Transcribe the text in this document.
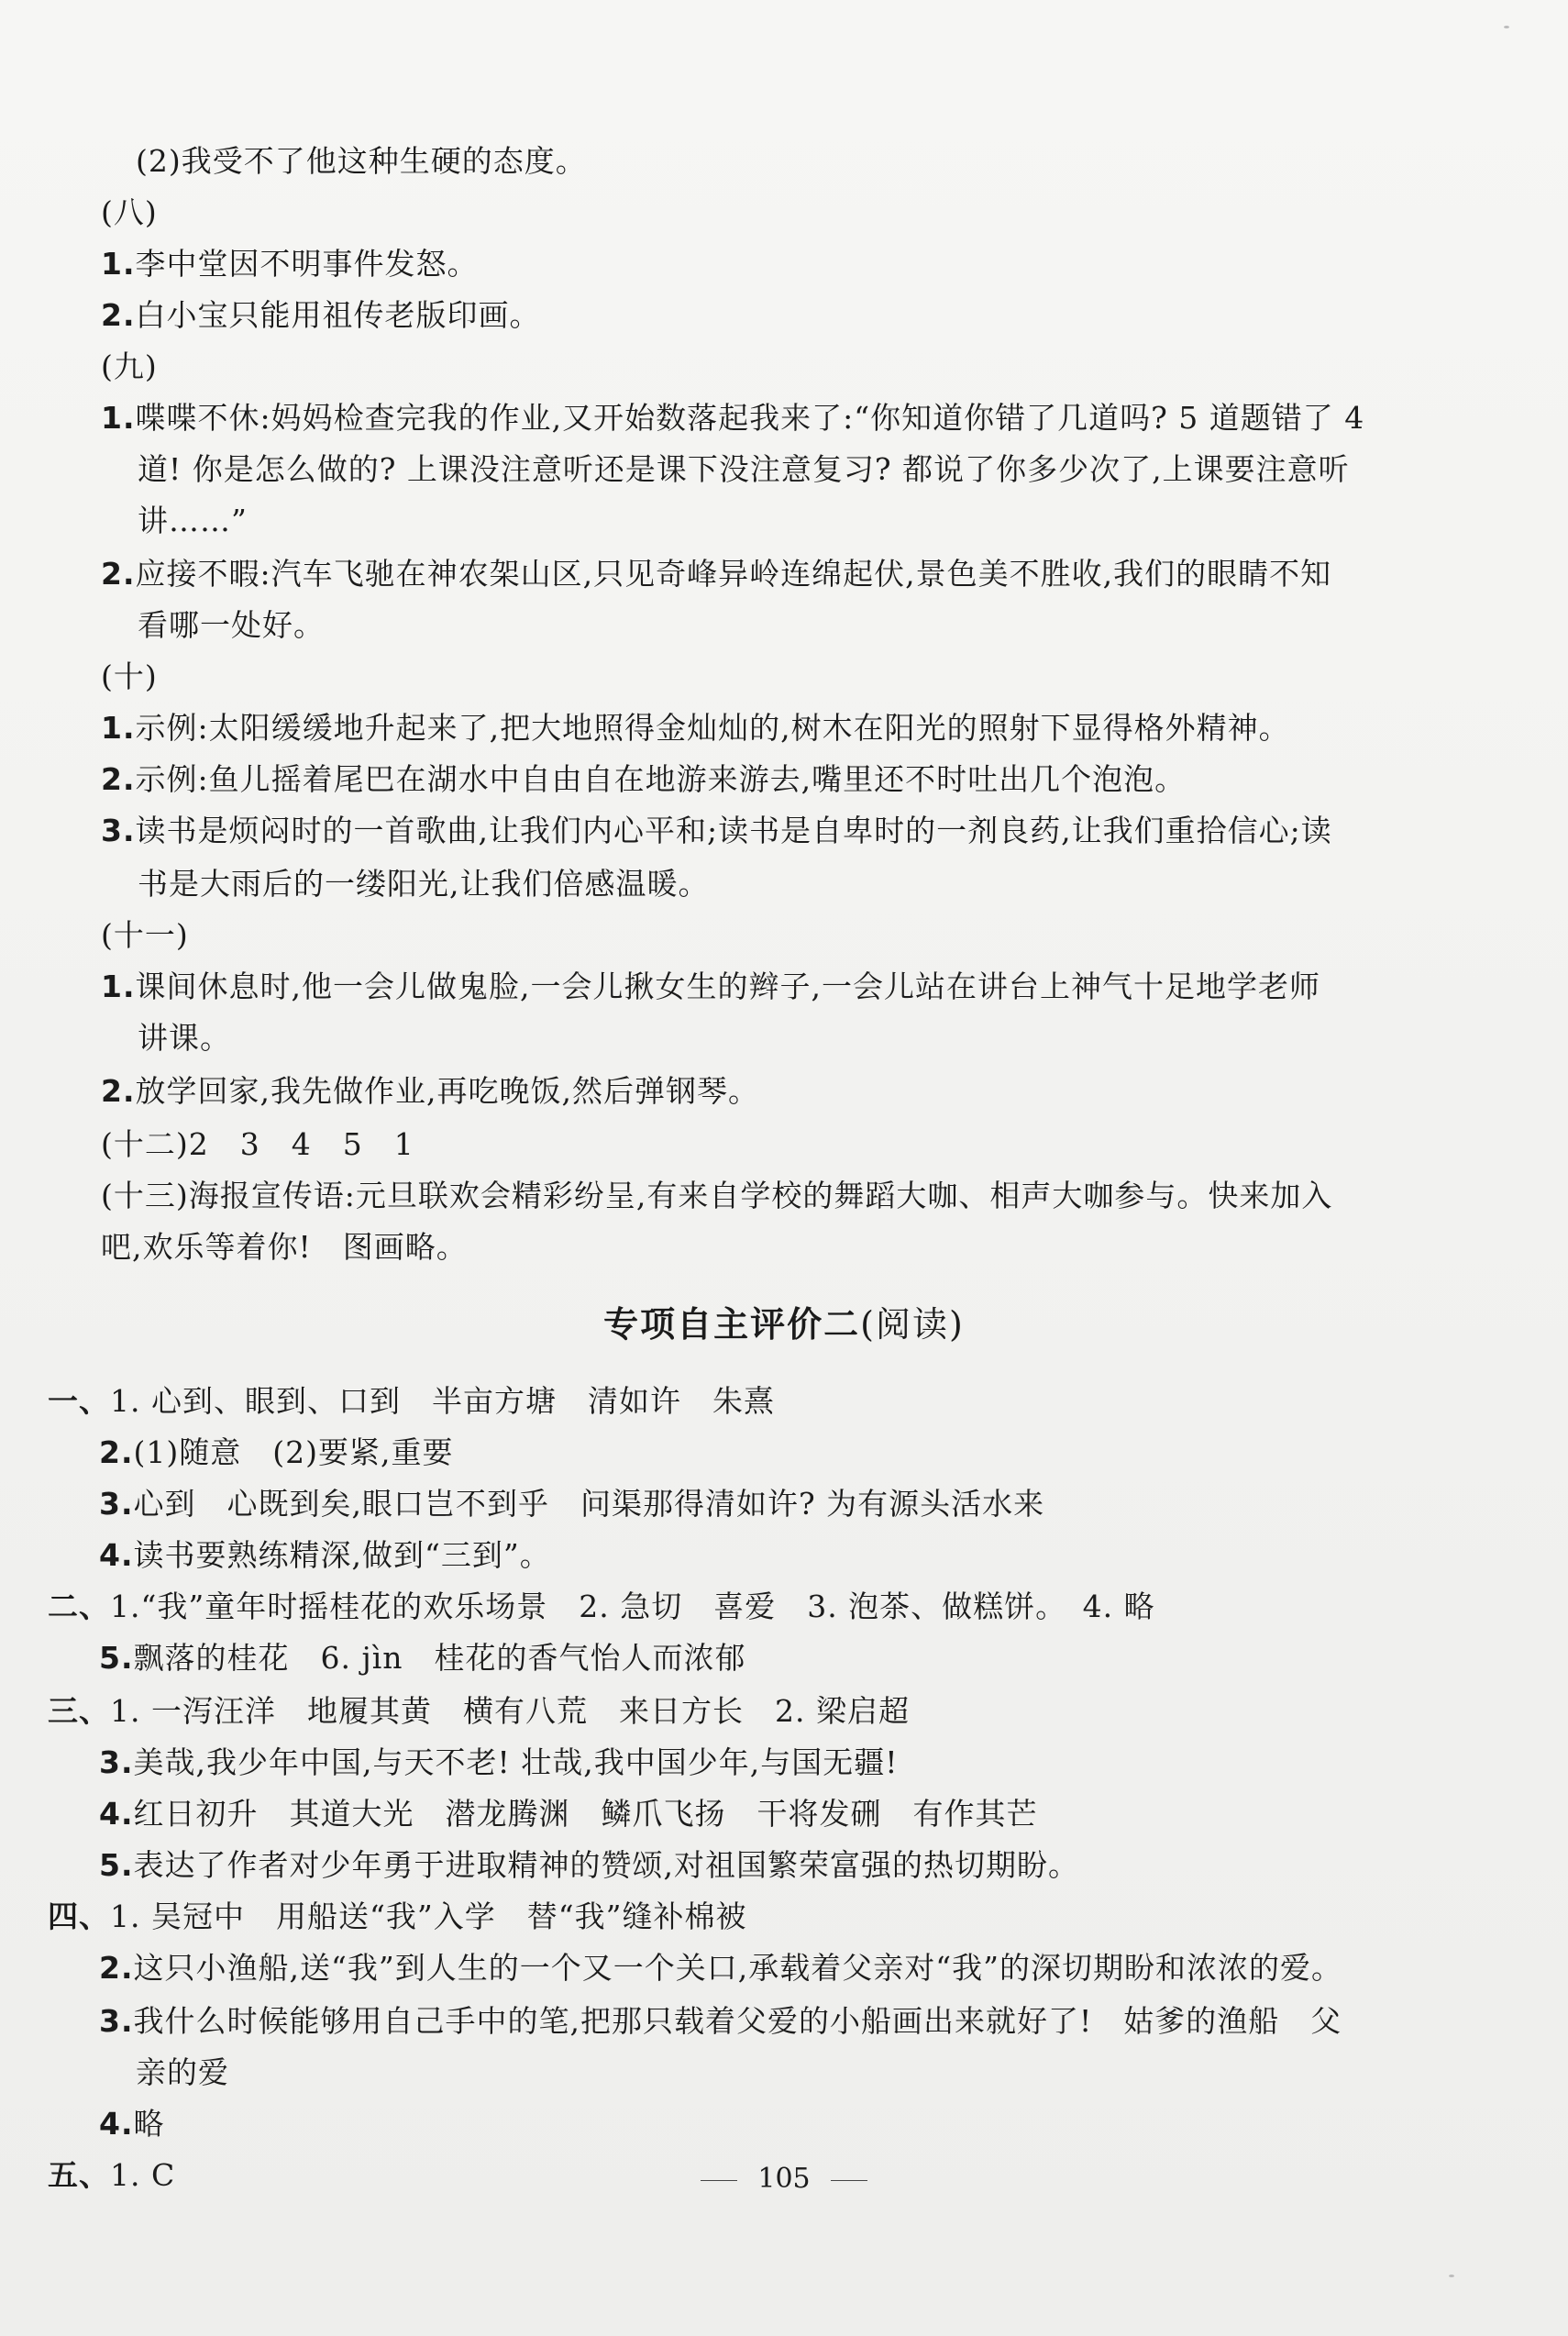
(2)我受不了他这种生硬的态度。
(八)
1.李中堂因不明事件发怒。
2.白小宝只能用祖传老版印画。
(九)
1.喋喋不休:妈妈检查完我的作业,又开始数落起我来了:“你知道你错了几道吗? 5 道题错了 4
道! 你是怎么做的? 上课没注意听还是课下没注意复习? 都说了你多少次了,上课要注意听
讲……”
2.应接不暇:汽车飞驰在神农架山区,只见奇峰异岭连绵起伏,景色美不胜收,我们的眼睛不知
看哪一处好。
(十)
1.示例:太阳缓缓地升起来了,把大地照得金灿灿的,树木在阳光的照射下显得格外精神。
2.示例:鱼儿摇着尾巴在湖水中自由自在地游来游去,嘴里还不时吐出几个泡泡。
3.读书是烦闷时的一首歌曲,让我们内心平和;读书是自卑时的一剂良药,让我们重拾信心;读
书是大雨后的一缕阳光,让我们倍感温暖。
(十一)
1.课间休息时,他一会儿做鬼脸,一会儿揪女生的辫子,一会儿站在讲台上神气十足地学老师
讲课。
2.放学回家,我先做作业,再吃晚饭,然后弹钢琴。
(十二)2　3　4　5　1
(十三)海报宣传语:元旦联欢会精彩纷呈,有来自学校的舞蹈大咖、相声大咖参与。快来加入
吧,欢乐等着你!　图画略。
专项自主评价二(阅读)
一、1. 心到、眼到、口到　半亩方塘　清如许　朱熹
2.(1)随意　(2)要紧,重要
3.心到　心既到矣,眼口岂不到乎　问渠那得清如许? 为有源头活水来
4.读书要熟练精深,做到“三到”。
二、1.“我”童年时摇桂花的欢乐场景　2. 急切　喜爱　3. 泡茶、做糕饼。　4. 略
5.飘落的桂花　6. jìn　桂花的香气怡人而浓郁
三、1. 一泻汪洋　地履其黄　横有八荒　来日方长　2. 梁启超
3.美哉,我少年中国,与天不老! 壮哉,我中国少年,与国无疆!
4.红日初升　其道大光　潜龙腾渊　鳞爪飞扬　干将发硎　有作其芒
5.表达了作者对少年勇于进取精神的赞颂,对祖国繁荣富强的热切期盼。
四、1. 吴冠中　用船送“我”入学　替“我”缝补棉被
2.这只小渔船,送“我”到人生的一个又一个关口,承载着父亲对“我”的深切期盼和浓浓的爱。
3.我什么时候能够用自己手中的笔,把那只载着父爱的小船画出来就好了!　姑爹的渔船　父
亲的爱
4.略
五、1. C	105
